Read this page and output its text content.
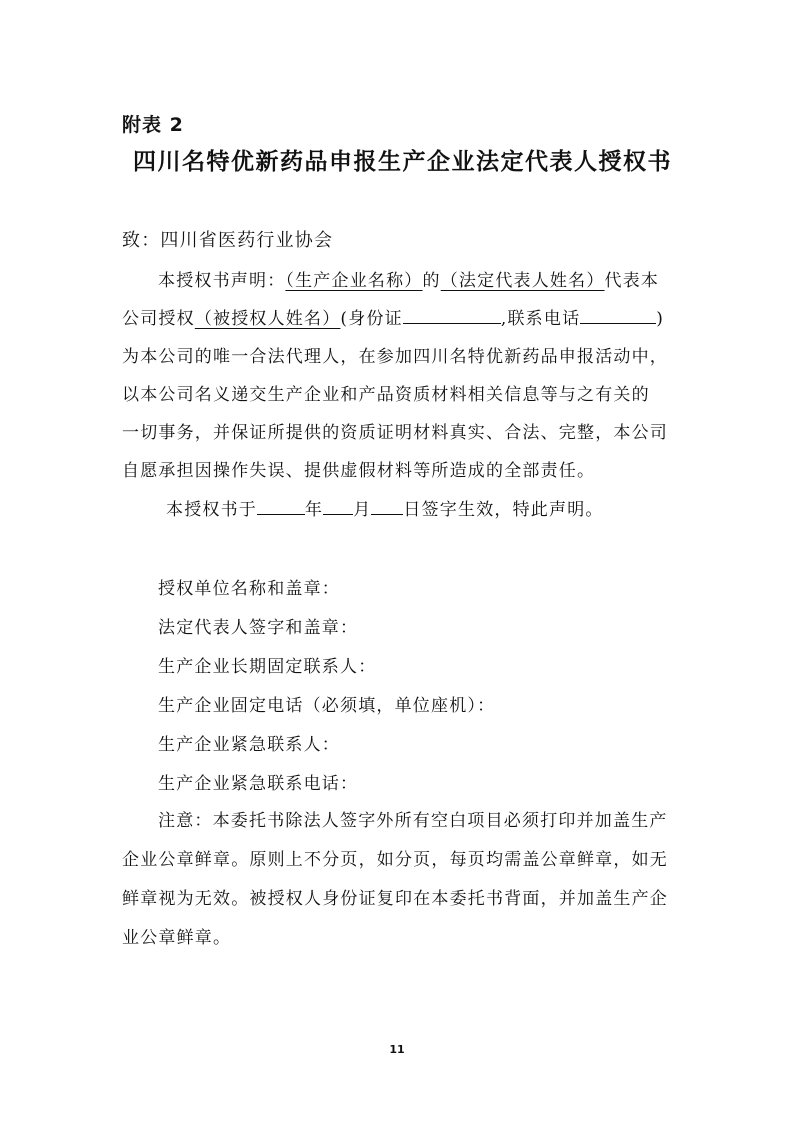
附表 2
四川名特优新药品申报生产企业法定代表人授权书
致：四川省医药行业协会
本授权书声明：（生产企业名称）的（法定代表人姓名）代表本
公司授权（被授权人姓名）(身份证	,联系电话	)
为本公司的唯一合法代理人，在参加四川名特优新药品申报活动中，
以本公司名义递交生产企业和产品资质材料相关信息等与之有关的
一切事务，并保证所提供的资质证明材料真实、合法、完整，本公司
自愿承担因操作失误、提供虚假材料等所造成的全部责任。
本授权书于	年 月 日签字生效，特此声明。
授权单位名称和盖章：
法定代表人签字和盖章：
生产企业长期固定联系人：
生产企业固定电话（必须填，单位座机）：
生产企业紧急联系人：
生产企业紧急联系电话：
注意：本委托书除法人签字外所有空白项目必须打印并加盖生产
企业公章鲜章。原则上不分页，如分页，每页均需盖公章鲜章，如无
鲜章视为无效。被授权人身份证复印在本委托书背面，并加盖生产企
业公章鲜章。
11
